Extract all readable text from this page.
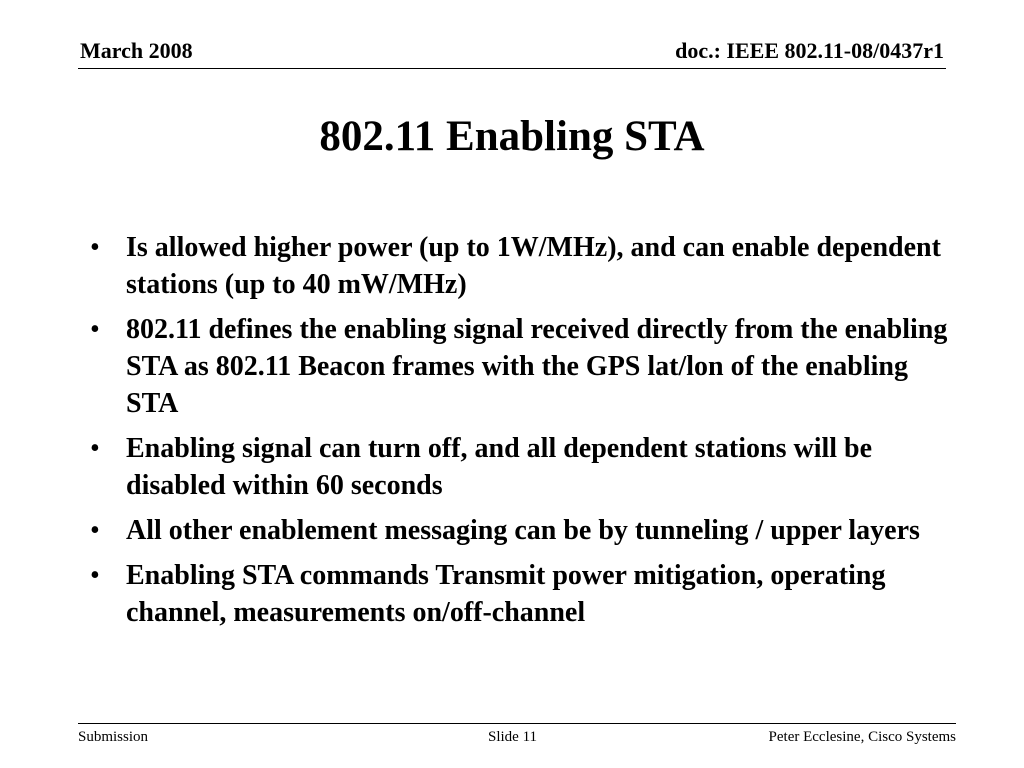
March 2008	doc.: IEEE 802.11-08/0437r1
802.11 Enabling STA
• Is allowed higher power (up to 1W/MHz), and can enable dependent stations (up to 40 mW/MHz)
• 802.11 defines the enabling signal received directly from the enabling STA as 802.11 Beacon frames with the GPS lat/lon of the enabling STA
• Enabling signal can turn off, and all dependent stations will be disabled within 60 seconds
• All other enablement messaging can be by tunneling / upper layers
• Enabling STA commands Transmit power mitigation, operating channel, measurements on/off-channel
Submission	Slide 11	Peter Ecclesine, Cisco Systems
